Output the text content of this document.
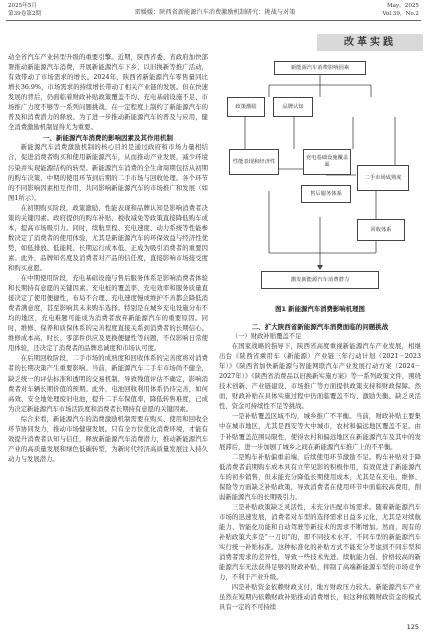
2025年5月
第39卷第2期	雷媛媛：陕西省新能源汽车消费激励机制研究：挑战与对策
May，2025
Vol.39，No.2
改革实践

动全省汽车产业转型升级的重要引擎。近期，陕西省委、省政府加快部署推动新能源汽车消费，开展新能源汽车下乡、以旧换新等推广活动，有效带动了市场需求的增长。2024年，陕西省新能源汽车零售量同比增长36.9%，市场需求的持续增长带动了相关产业链的发展。但在快速发展的背后，仍面临着财政补贴政策覆盖不均、充电基础设施不足、市场推广力度不够等一系列问题挑战，在一定程度上制约了新能源汽车的普及和消费潜力的释放。为了进一步推动新能源汽车的普及与应用，健全消费激励机制显得尤为重要。

一、新能源汽车消费的影响因素及其作用机制

新能源汽车消费激励机制的核心目的是通过政府和市场力量相结合，促进消费者购买和使用新能源汽车，从而推动产业发展，减少环境污染并实现能源结构的转型。新能源汽车消费的全生命周期包括从初期的购车决策、中期的使用环节到后期的二手市场与回收处理。各个环节的不同影响因素相互作用，共同影响新能源汽车的市场推广和发展（如图1所示）。

在初期购买阶段，政策激励、性能表现和品牌认知是影响消费者决策的关键因素。政府提供的购车补贴、税收减免等政策直接降低购车成本，提高市场吸引力。同时，续航里程、充电速度、动力系统等性能参数决定了消费者的使用体验，尤其是新能源汽车的环保效益与经济性优势，如低排放、低能耗、长期运行成本低，正成为吸引消费者的重要因素。此外，品牌知名度及消费者对产品的信任度，直接影响市场接受度和购买意愿。

在中期使用阶段，充电基础设施与售后服务体系是影响消费者体验和长期持有意愿的关键因素。充电桩的覆盖率、充电效率和服务质量直接决定了使用便捷性，布局不合理、充电速度慢或维护不善都会降低消费者满意度，甚至影响其未来购车选择。特别是在城乡充电设施分布不均的地区，充电难题可能成为消费者放弃新能源汽车的重要原因。同时，维修、保养和质保体系的完善程度直接关系到消费者的长期信心。维修成本高、时长、零部件供应及更换便捷性等问题，不仅影响日常使用体验，还决定了消费者的品牌忠诚度和市场认可度。

在后期回收阶段，二手市场的成熟度和回收体系的完善度将对消费者的长期决策产生重要影响。当前，新能源汽车二手车市场尚不健全，缺乏统一的评估标准和透明的交易机制，导致残值评估不确定，影响消费者对车辆长期价值的预期。此外，电池回收利用体系仍待完善，如何高效、安全地处理废旧电池，提升二手车保值率，降低转售难度，已成为决定新能源汽车市场活跃度和消费者长期持有意愿的关键因素。

综合来看，新能源汽车的消费激励机制需要在购买、使用和回收全环节协同发力，推动市场健康发展。只有全方位优化消费环境，才能有效提升消费者认知与信任，释放新能源汽车消费潜力，推动新能源汽车产业的高质量发展和绿色低碳转型，为新时代经济高质量发展注入持久动力与发展潜力。

新能源汽车消费影响因素
政策激励	品牌认知
性能表现和经济性
充电基础设施覆盖面
售后服务体系
二手市场成熟度
回收体系
激发新能源汽车消费潜力
图1 新能源汽车消费影响机理图

二、扩大陕西省新能源汽车消费面临的问题挑战

（一）财政补贴覆盖不足

在国家战略的指导下，陕西省高度重视新能源汽车产业发展，相继出台《陕西省乘用车（新能源）产业链三年行动计划（2021－2023年）》《陕西省加快新能源与智能网联汽车产业发展行动方案（2024－2027年）》《陕西省消费品以旧换新实施方案》等一系列政策文件，围绕技术创新、产业链建设、市场推广等方面提供政策支持和财政保障。然而，财政补贴在具体实施过程中仍面临覆盖不均、激励失衡、缺乏灵活性、资金可持续性不足等挑战。

一是补贴覆盖区域不均，城乡推广不平衡。当前，财政补贴主要集中在城市地区，尤其是西安等大中城市，农村和偏远地区覆盖不足。由于补贴覆盖范围局限性，使得农村和偏远地区在新能源汽车及其中的发展滞后，进一步加剧了城乡之间在新能源汽车推广上的不平衡。

二是购车补贴偏重前端，后续使用环节激励不足。购车补贴对于降低消费者前期购车成本具有立竿见影的积极作用，有效促进了新能源汽车的初步销售，但未能充分降低长期使用成本，尤其是在充电、维修、保险等方面缺乏补贴政策，导致消费者在使用环节中面临较高费用，削弱新能源汽车的长期吸引力。

三是补贴政策缺乏灵活性，未充分匹配市场需求。随着新能源汽车市场的迅速发展，消费者对车型的选择需求日益多元化，尤其是对续航能力、智能化功能和自动驾驶等新技术的需求不断增加。然而，现有的补贴政策大多是“一刀切”的，即不同技术水平、不同车型的新能源汽车实行统一补贴标准。这种标准化的补贴方式不能充分考虑到不同车型和消费者需求的差异性，导致一些技术先进、续航能力强、价格较高的新能源汽车无法获得足够的财政补贴，抑制了高端新能源车型的市场竞争力，不利于产业升级。

四是补贴资金依赖财政支付，地方财政压力较大。新能源汽车产业虽然在短期内依赖财政补贴推动消费增长，但这种依赖财政资金的模式具有一定的不可持续

125
